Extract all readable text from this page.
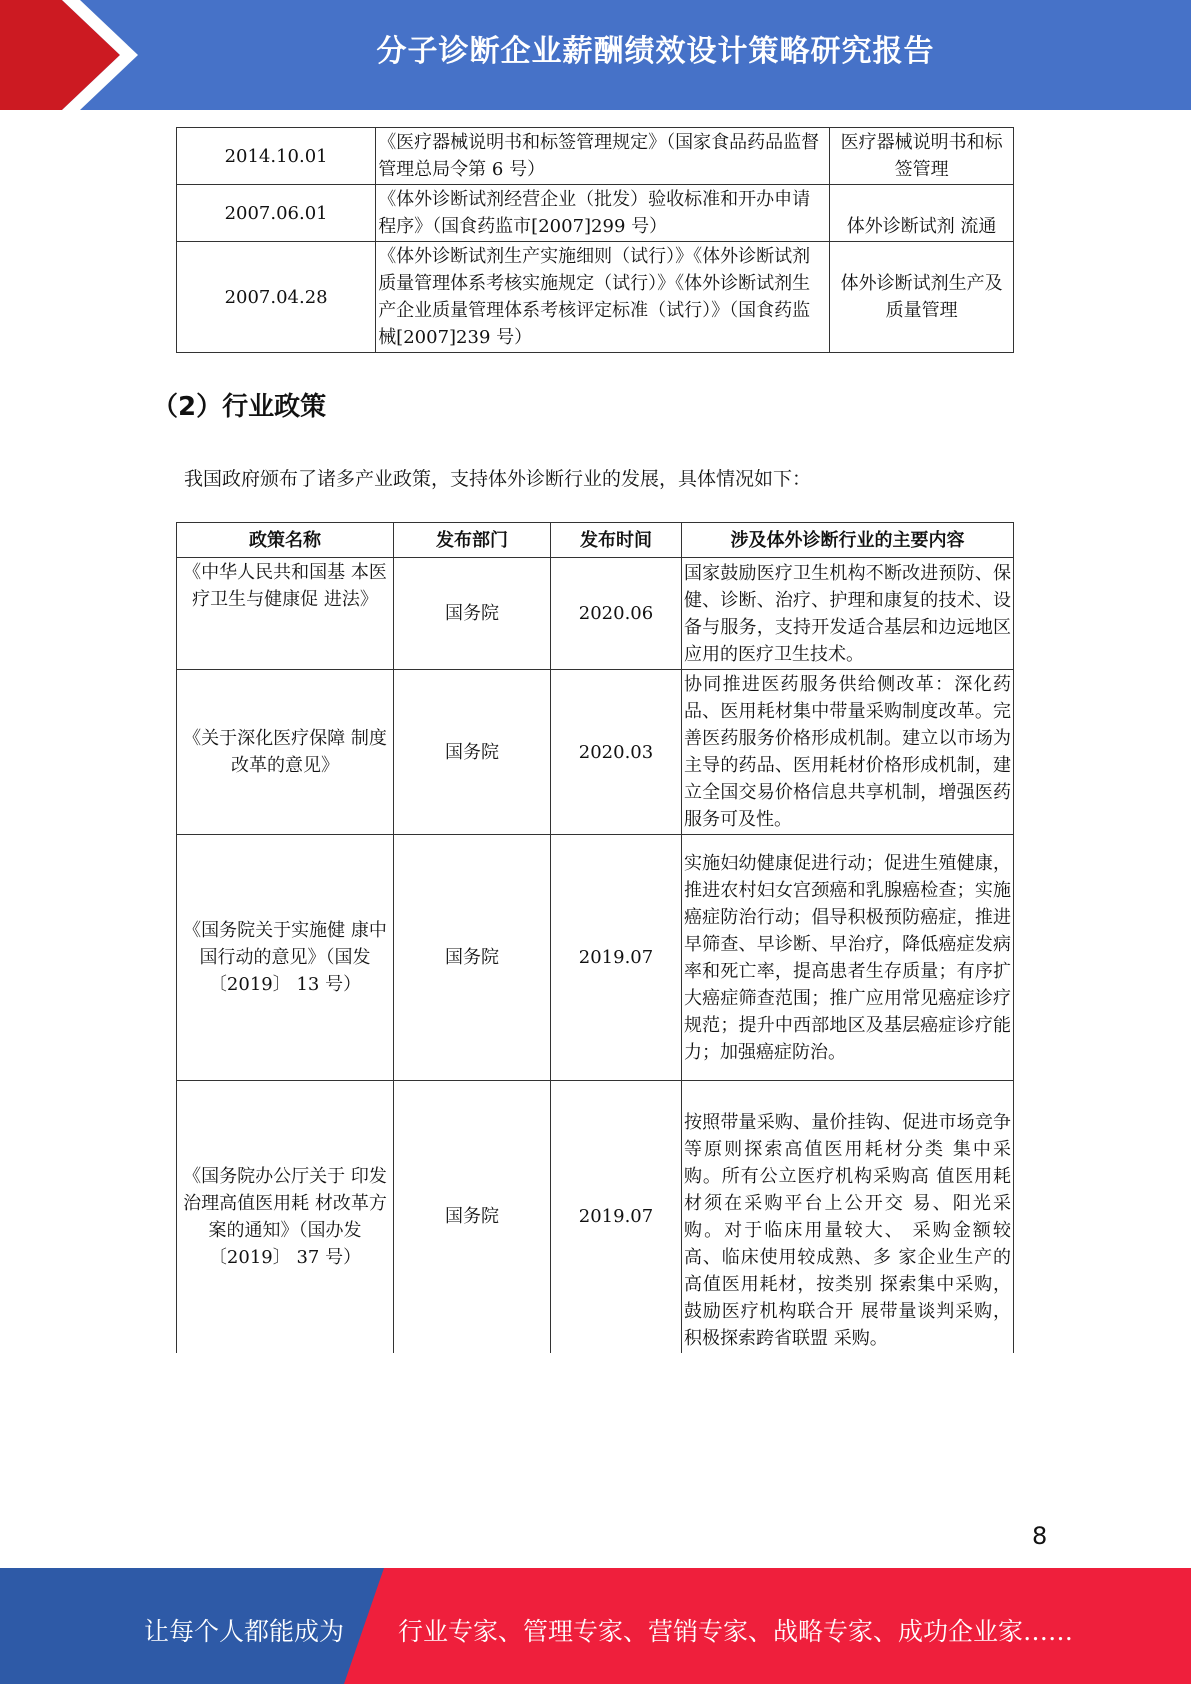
分子诊断企业薪酬绩效设计策略研究报告
2014.10.01	《医疗器械说明书和标签管理规定》（国家食品药品监督管理总局令第 6 号）	医疗器械说明书和标签管理
2007.06.01	《体外诊断试剂经营企业（批发）验收标准和开办申请程序》（国食药监市[2007]299 号）	体外诊断试剂 流通
2007.04.28	《体外诊断试剂生产实施细则（试行）》《体外诊断试剂质量管理体系考核实施规定（试行）》《体外诊断试剂生产企业质量管理体系考核评定标准（试行）》（国食药监械[2007]239 号）	体外诊断试剂生产及质量管理
（2）行业政策
我国政府颁布了诸多产业政策，支持体外诊断行业的发展，具体情况如下：
政策名称	发布部门	发布时间	涉及体外诊断行业的主要内容
《中华人民共和国基 本医疗卫生与健康促 进法》	国务院	2020.06	国家鼓励医疗卫生机构不断改进预防、保健、诊断、治疗、护理和康复的技术、设备与服务，支持开发适合基层和边远地区应用的医疗卫生技术。
《关于深化医疗保障 制度改革的意见》	国务院	2020.03	协同推进医药服务供给侧改革：深化药品、医用耗材集中带量采购制度改革。完善医药服务价格形成机制。建立以市场为主导的药品、医用耗材价格形成机制，建立全国交易价格信息共享机制，增强医药服务可及性。
《国务院关于实施健 康中国行动的意见》（国发〔2019〕 13 号）	国务院	2019.07	实施妇幼健康促进行动；促进生殖健康，推进农村妇女宫颈癌和乳腺癌检查；实施癌症防治行动；倡导积极预防癌症，推进早筛查、早诊断、早治疗，降低癌症发病率和死亡率，提高患者生存质量；有序扩大癌症筛查范围；推广应用常见癌症诊疗规范；提升中西部地区及基层癌症诊疗能力；加强癌症防治。
《国务院办公厅关于 印发治理高值医用耗 材改革方案的通知》（国办发〔2019〕 37 号）	国务院	2019.07	按照带量采购、量价挂钩、促进市场竞争等原则探索高值医用耗材分类 集中采购。所有公立医疗机构采购高 值医用耗材须在采购平台上公开交 易、阳光采购。对于临床用量较大、 采购金额较高、临床使用较成熟、多 家企业生产的高值医用耗材，按类别 探索集中采购，鼓励医疗机构联合开 展带量谈判采购，积极探索跨省联盟 采购。
8
让每个人都能成为 行业专家、管理专家、营销专家、战略专家、成功企业家……
